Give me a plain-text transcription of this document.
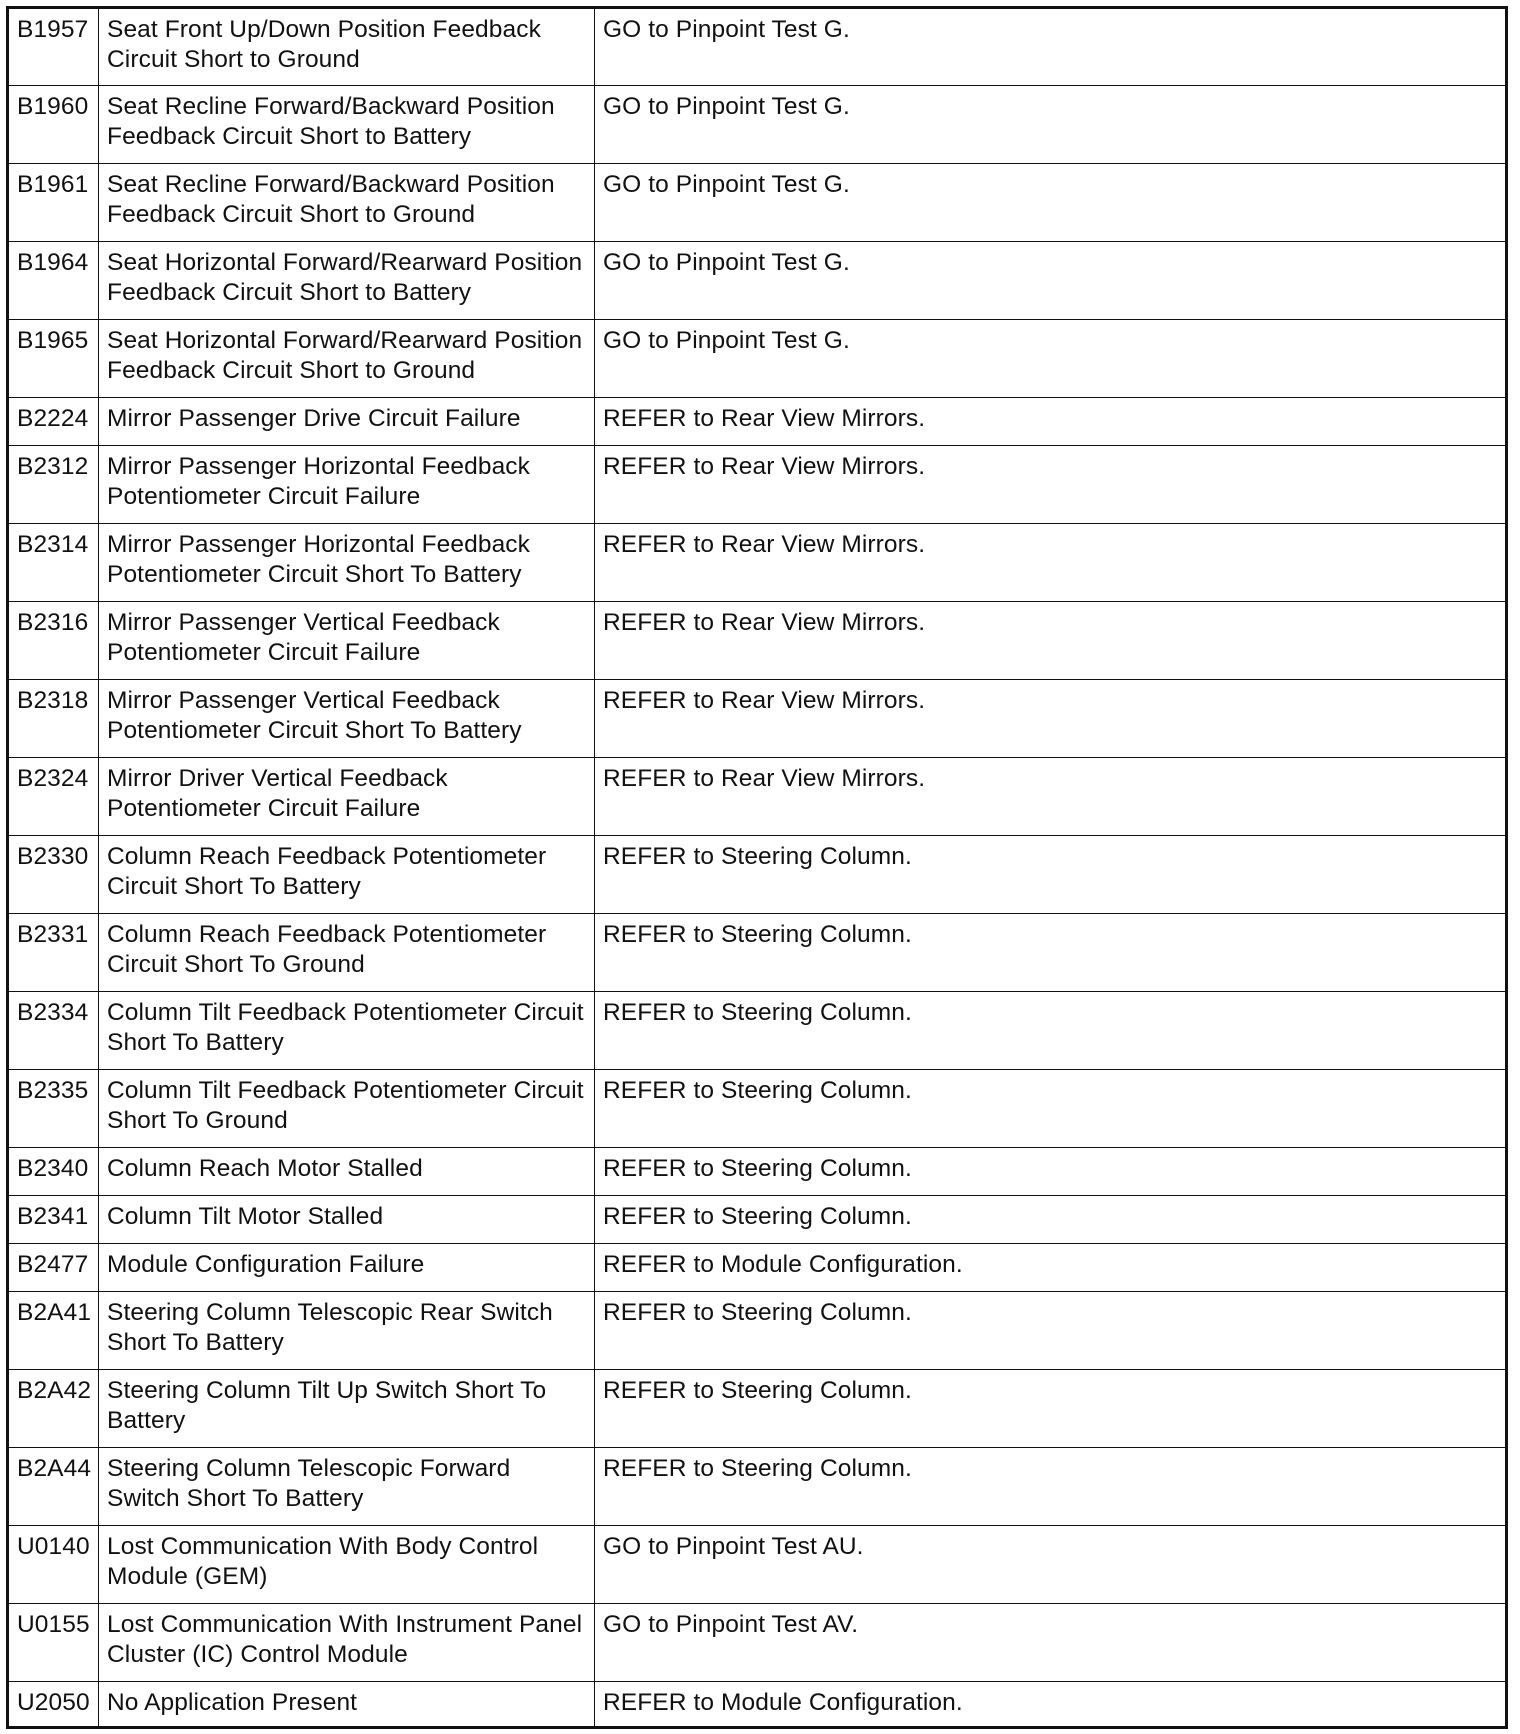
B1957	Seat Front Up/Down Position Feedback Circuit Short to Ground	GO to Pinpoint Test G.
B1960	Seat Recline Forward/Backward Position Feedback Circuit Short to Battery	GO to Pinpoint Test G.
B1961	Seat Recline Forward/Backward Position Feedback Circuit Short to Ground	GO to Pinpoint Test G.
B1964	Seat Horizontal Forward/Rearward Position Feedback Circuit Short to Battery	GO to Pinpoint Test G.
B1965	Seat Horizontal Forward/Rearward Position Feedback Circuit Short to Ground	GO to Pinpoint Test G.
B2224	Mirror Passenger Drive Circuit Failure	REFER to Rear View Mirrors.
B2312	Mirror Passenger Horizontal Feedback Potentiometer Circuit Failure	REFER to Rear View Mirrors.
B2314	Mirror Passenger Horizontal Feedback Potentiometer Circuit Short To Battery	REFER to Rear View Mirrors.
B2316	Mirror Passenger Vertical Feedback Potentiometer Circuit Failure	REFER to Rear View Mirrors.
B2318	Mirror Passenger Vertical Feedback Potentiometer Circuit Short To Battery	REFER to Rear View Mirrors.
B2324	Mirror Driver Vertical Feedback Potentiometer Circuit Failure	REFER to Rear View Mirrors.
B2330	Column Reach Feedback Potentiometer Circuit Short To Battery	REFER to Steering Column.
B2331	Column Reach Feedback Potentiometer Circuit Short To Ground	REFER to Steering Column.
B2334	Column Tilt Feedback Potentiometer Circuit Short To Battery	REFER to Steering Column.
B2335	Column Tilt Feedback Potentiometer Circuit Short To Ground	REFER to Steering Column.
B2340	Column Reach Motor Stalled	REFER to Steering Column.
B2341	Column Tilt Motor Stalled	REFER to Steering Column.
B2477	Module Configuration Failure	REFER to Module Configuration.
B2A41	Steering Column Telescopic Rear Switch Short To Battery	REFER to Steering Column.
B2A42	Steering Column Tilt Up Switch Short To Battery	REFER to Steering Column.
B2A44	Steering Column Telescopic Forward Switch Short To Battery	REFER to Steering Column.
U0140	Lost Communication With Body Control Module (GEM)	GO to Pinpoint Test AU.
U0155	Lost Communication With Instrument Panel Cluster (IC) Control Module	GO to Pinpoint Test AV.
U2050	No Application Present	REFER to Module Configuration.
